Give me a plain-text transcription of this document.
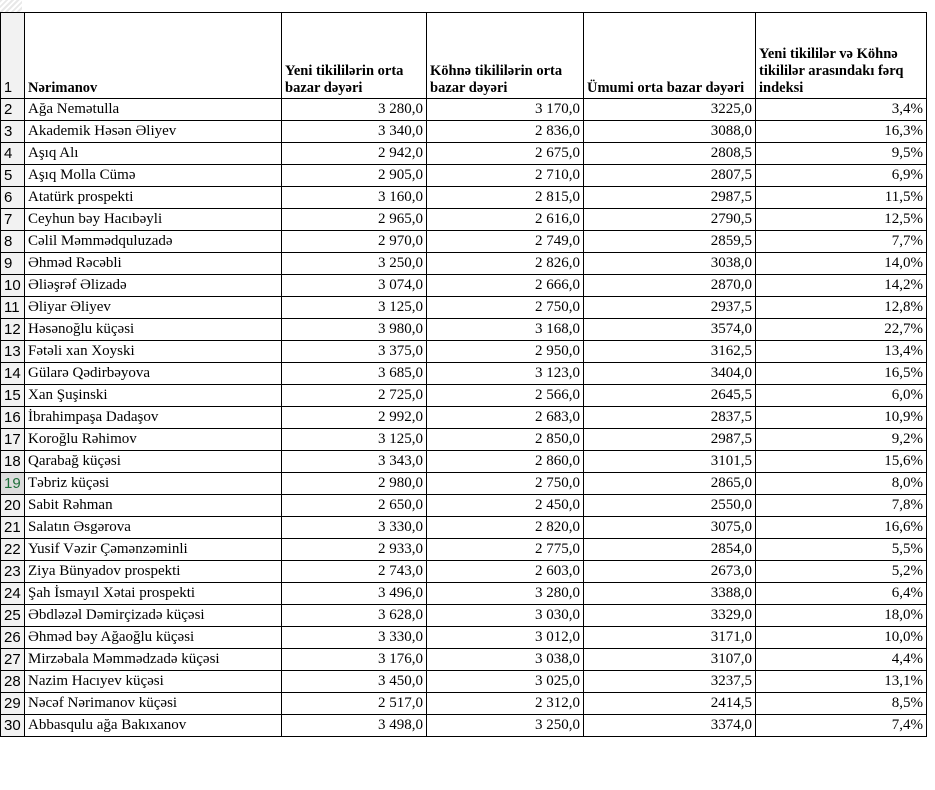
1	Nərimanov	Yeni tikililərin orta bazar dəyəri	Köhnə tikililərin orta bazar dəyəri	Ümumi orta bazar dəyəri	Yeni tikililər və Köhnə tikililər arasındakı fərq indeksi
2	Ağa Nemətulla	3 280,0	3 170,0	3225,0	3,4%
3	Akademik Həsən Əliyev	3 340,0	2 836,0	3088,0	16,3%
4	Aşıq Alı	2 942,0	2 675,0	2808,5	9,5%
5	Aşıq Molla Cümə	2 905,0	2 710,0	2807,5	6,9%
6	Atatürk prospekti	3 160,0	2 815,0	2987,5	11,5%
7	Ceyhun bəy Hacıbəyli	2 965,0	2 616,0	2790,5	12,5%
8	Cəlil Məmmədquluzadə	2 970,0	2 749,0	2859,5	7,7%
9	Əhməd Rəcəbli	3 250,0	2 826,0	3038,0	14,0%
10	Əliəşrəf Əlizadə	3 074,0	2 666,0	2870,0	14,2%
11	Əliyar Əliyev	3 125,0	2 750,0	2937,5	12,8%
12	Həsənoğlu küçəsi	3 980,0	3 168,0	3574,0	22,7%
13	Fətəli xan Xoyski	3 375,0	2 950,0	3162,5	13,4%
14	Gülarə Qədirbəyova	3 685,0	3 123,0	3404,0	16,5%
15	Xan Şuşinski	2 725,0	2 566,0	2645,5	6,0%
16	İbrahimpaşa Dadaşov	2 992,0	2 683,0	2837,5	10,9%
17	Koroğlu Rəhimov	3 125,0	2 850,0	2987,5	9,2%
18	Qarabağ küçəsi	3 343,0	2 860,0	3101,5	15,6%
19	Təbriz küçəsi	2 980,0	2 750,0	2865,0	8,0%
20	Sabit Rəhman	2 650,0	2 450,0	2550,0	7,8%
21	Salatın Əsgərova	3 330,0	2 820,0	3075,0	16,6%
22	Yusif Vəzir Çəmənzəminli	2 933,0	2 775,0	2854,0	5,5%
23	Ziya Bünyadov prospekti	2 743,0	2 603,0	2673,0	5,2%
24	Şah İsmayıl Xətai prospekti	3 496,0	3 280,0	3388,0	6,4%
25	Əbdləzəl Dəmirçizadə küçəsi	3 628,0	3 030,0	3329,0	18,0%
26	Əhməd bəy Ağaoğlu küçəsi	3 330,0	3 012,0	3171,0	10,0%
27	Mirzəbala Məmmədzadə küçəsi	3 176,0	3 038,0	3107,0	4,4%
28	Nazim Hacıyev küçəsi	3 450,0	3 025,0	3237,5	13,1%
29	Nəcəf Nərimanov küçəsi	2 517,0	2 312,0	2414,5	8,5%
30	Abbasqulu ağa Bakıxanov	3 498,0	3 250,0	3374,0	7,4%
